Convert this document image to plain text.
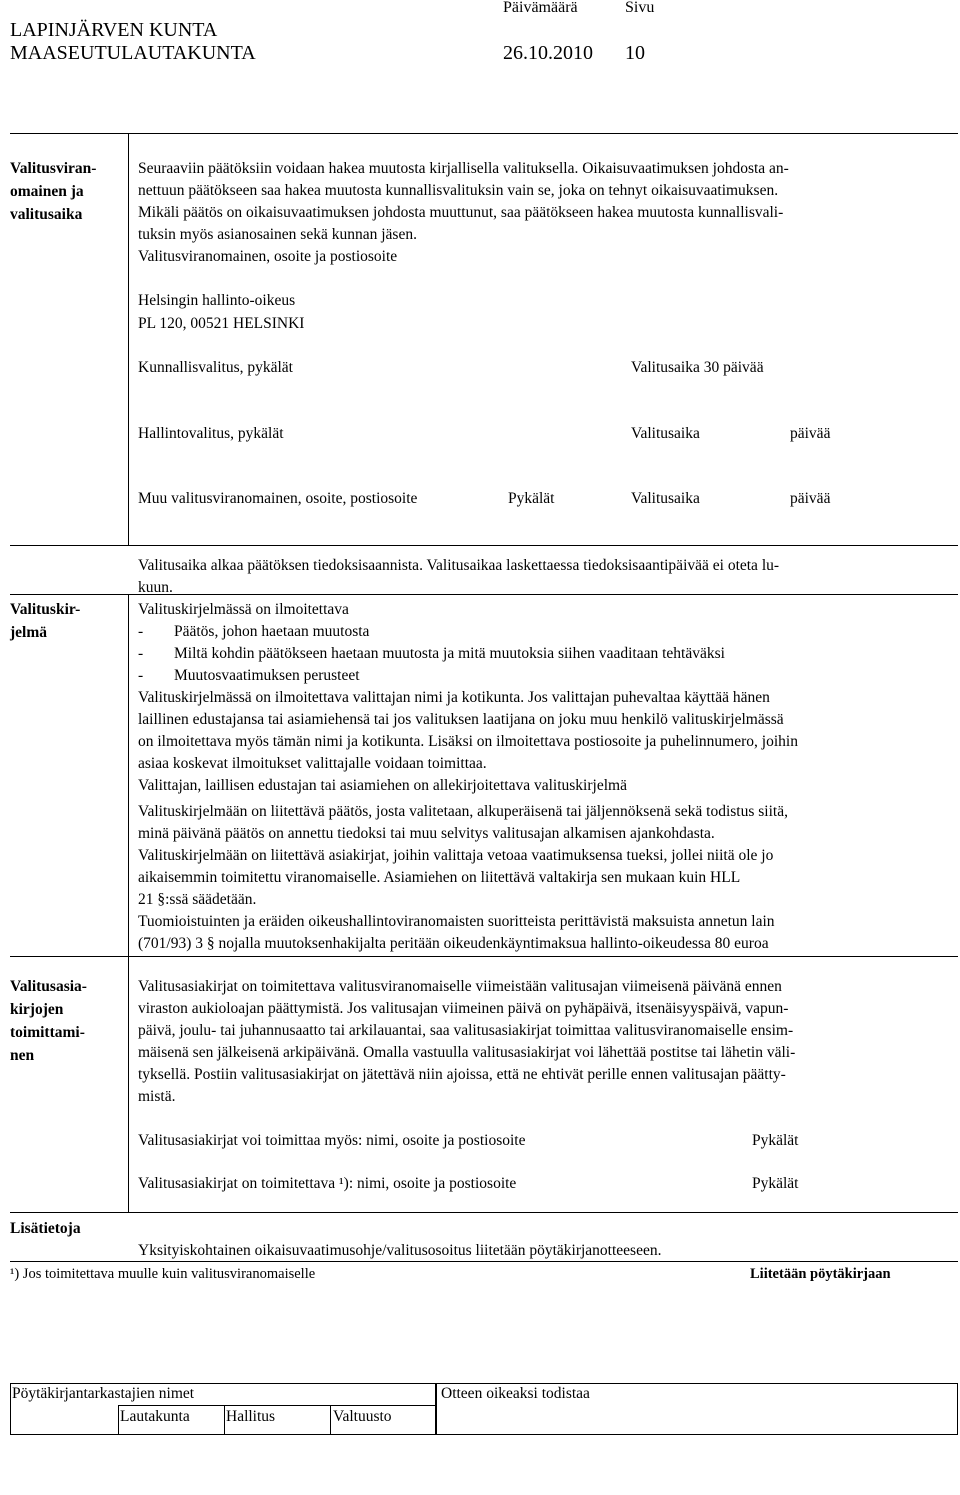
LAPINJÄRVEN KUNTA
MAASEUTULAUTAKUNTA
Päivämäärä	Sivu
26.10.2010 10
Valitusviran-
omainen ja
valitusaika
Seuraaviin päätöksiin voidaan hakea muutosta kirjallisella valituksella. Oikaisuvaatimuksen johdosta an-
nettuun päätökseen saa hakea muutosta kunnallisvalituksin vain se, joka on tehnyt oikaisuvaatimuksen.
Mikäli päätös on oikaisuvaatimuksen johdosta muuttunut, saa päätökseen hakea muutosta kunnallisvali-
tuksin myös asianosainen sekä kunnan jäsen.
Valitusviranomainen, osoite ja postiosoite
Helsingin hallinto-oikeus
PL 120, 00521 HELSINKI
Kunnallisvalitus, pykälät	Valitusaika 30 päivää
Hallintovalitus, pykälät	Valitusaika	päivää
Muu valitusviranomainen, osoite, postiosoite	Pykälät	Valitusaika	päivää
Valitusaika alkaa päätöksen tiedoksisaannista. Valitusaikaa laskettaessa tiedoksisaantipäivää ei oteta lu-
kuun.
Valituskir-
jelmä
Valituskirjelmässä on ilmoitettava
- Päätös, johon haetaan muutosta
- Miltä kohdin päätökseen haetaan muutosta ja mitä muutoksia siihen vaaditaan tehtäväksi
- Muutosvaatimuksen perusteet
Valituskirjelmässä on ilmoitettava valittajan nimi ja kotikunta. Jos valittajan puhevaltaa käyttää hänen
laillinen edustajansa tai asiamiehensä tai jos valituksen laatijana on joku muu henkilö valituskirjelmässä
on ilmoitettava myös tämän nimi ja kotikunta. Lisäksi on ilmoitettava postiosoite ja puhelinnumero, joihin
asiaa koskevat ilmoitukset valittajalle voidaan toimittaa.
Valittajan, laillisen edustajan tai asiamiehen on allekirjoitettava valituskirjelmä
Valituskirjelmään on liitettävä päätös, josta valitetaan, alkuperäisenä tai jäljennöksenä sekä todistus siitä,
minä päivänä päätös on annettu tiedoksi tai muu selvitys valitusajan alkamisen ajankohdasta.
Valituskirjelmään on liitettävä asiakirjat, joihin valittaja vetoaa vaatimuksensa tueksi, jollei niitä ole jo
aikaisemmin toimitettu viranomaiselle. Asiamiehen on liitettävä valtakirja sen mukaan kuin HLL
21 §:ssä säädetään.
Tuomioistuinten ja eräiden oikeushallintoviranomaisten suoritteista perittävistä maksuista annetun lain
(701/93) 3 § nojalla muutoksenhakijalta peritään oikeudenkäyntimaksua hallinto-oikeudessa 80 euroa
Valitusasia-
kirjojen
toimittami-
nen
Valitusasiakirjat on toimitettava valitusviranomaiselle viimeistään valitusajan viimeisenä päivänä ennen
viraston aukioloajan päättymistä. Jos valitusajan viimeinen päivä on pyhäpäivä, itsenäisyyspäivä, vapun-
päivä, joulu- tai juhannusaatto tai arkilauantai, saa valitusasiakirjat toimittaa valitusviranomaiselle ensim-
mäisenä sen jälkeisenä arkipäivänä. Omalla vastuulla valitusasiakirjat voi lähettää postitse tai lähetin väli-
tyksellä. Postiin valitusasiakirjat on jätettävä niin ajoissa, että ne ehtivät perille ennen valitusajan päätty-
mistä.
Valitusasiakirjat voi toimittaa myös: nimi, osoite ja postiosoite	Pykälät
Valitusasiakirjat on toimitettava ¹): nimi, osoite ja postiosoite	Pykälät
Lisätietoja
Yksityiskohtainen oikaisuvaatimusohje/valitusosoitus liitetään pöytäkirjanotteeseen.
¹) Jos toimitettava muulle kuin valitusviranomaiselle	Liitetään pöytäkirjaan
Pöytäkirjantarkastajien nimet
Lautakunta Hallitus	Valtuusto
Otteen oikeaksi todistaa
